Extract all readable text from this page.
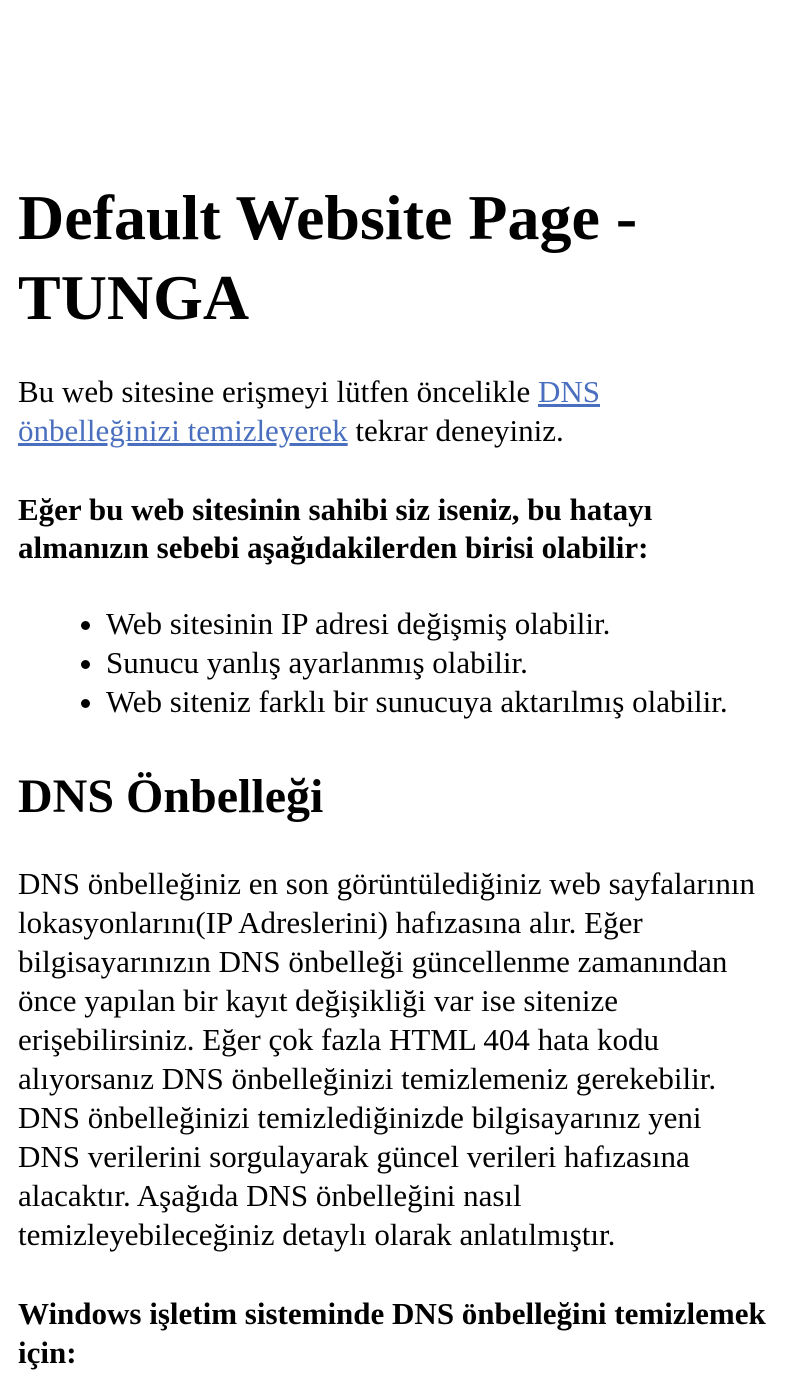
Default Website Page - TUNGA

Bu web sitesine erişmeyi lütfen öncelikle DNS önbelleğinizi temizleyerek tekrar deneyiniz.

Eğer bu web sitesinin sahibi siz iseniz, bu hatayı almanızın sebebi aşağıdakilerden birisi olabilir:

• Web sitesinin IP adresi değişmiş olabilir.
• Sunucu yanlış ayarlanmış olabilir.
• Web siteniz farklı bir sunucuya aktarılmış olabilir.
DNS Önbelleği

DNS önbelleğiniz en son görüntülediğiniz web sayfalarının lokasyonlarını(IP Adreslerini) hafızasına alır. Eğer bilgisayarınızın DNS önbelleği güncellenme zamanından önce yapılan bir kayıt değişikliği var ise sitenize erişebilirsiniz. Eğer çok fazla HTML 404 hata kodu alıyorsanız DNS önbelleğinizi temizlemeniz gerekebilir. DNS önbelleğinizi temizlediğinizde bilgisayarınız yeni DNS verilerini sorgulayarak güncel verileri hafızasına alacaktır. Aşağıda DNS önbelleğini nasıl temizleyebileceğiniz detaylı olarak anlatılmıştır.

Windows işletim sisteminde DNS önbelleğini temizlemek için:
